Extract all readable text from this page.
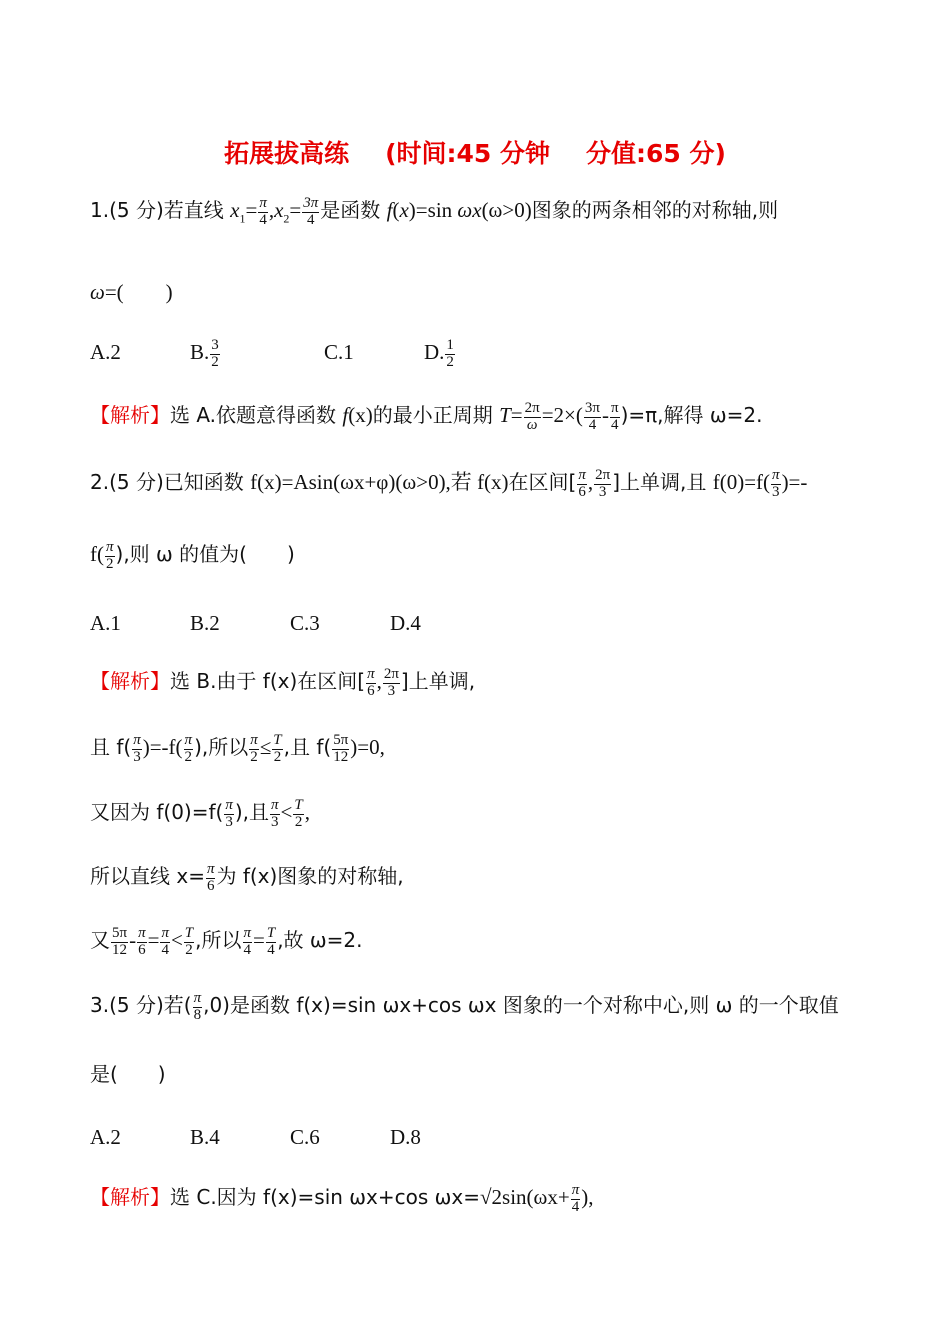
拓展拔高练 (时间:45 分钟 分值:65 分)
1.(5 分)若直线 $x_1= \frac{\pi}{4} ,x_2= \frac{3\pi}{4}$ 是函数 f(x)=sin ωx(ω>0)图象的两条相邻的对称轴,则
ω=(　　)
A.2	B. $\frac{3}{2}$	C.1	D. $\frac{1}{2}$
【解析】选 A.依题意得函数 f(x)的最小正周期 $T= \frac{2\pi}{\omega} =2\times( \frac{3\pi}{4} - \frac{\pi}{4} )=\pi$,解得 ω=2.
2.(5 分)已知函数 f(x)=Asin(ωx+φ)(ω>0),若 f(x)在区间[ $\frac{\pi}{6}$ , $\frac{2\pi}{3}$ ]上单调,且 $f(0)=f( \frac{\pi}{3}$ )=-
$f( \frac{\pi}{2}$ ),则 ω 的值为(　　)
A.1	B.2	C.3	D.4
【解析】选 B.由于 f(x)在区间[ $\frac{\pi}{6}$ , $\frac{2\pi}{3}$ ]上单调,
且 $f( \frac{\pi}{3} )=-f( \frac{\pi}{2}$ ),所以 $\frac{\pi}{2} \le \frac{T}{2}$ ,且 $f( \frac{5\pi}{12} )=0$,
又因为 $f(0)=f( \frac{\pi}{3}$ ),且 $\frac{\pi}{3} < \frac{T}{2}$ ,
所以直线 $x= \frac{\pi}{6}$ 为 f(x)图象的对称轴,
又 $\frac{5\pi}{12} - \frac{\pi}{6} = \frac{\pi}{4} < \frac{T}{2}$ ,所以 $\frac{\pi}{4} = \frac{T}{4}$ ,故 ω=2.
3.(5 分)若( $\frac{\pi}{8} ,0$)是函数 f(x)=sin ωx+cos ωx 图象的一个对称中心,则 ω 的一个取值
是(　　)
A.2	B.4	C.6	D.8
【解析】选 C.因为 f(x)=sin ωx+cos $\omega x=√2\sin(\omega x+ \frac{\pi}{4}$ ),
